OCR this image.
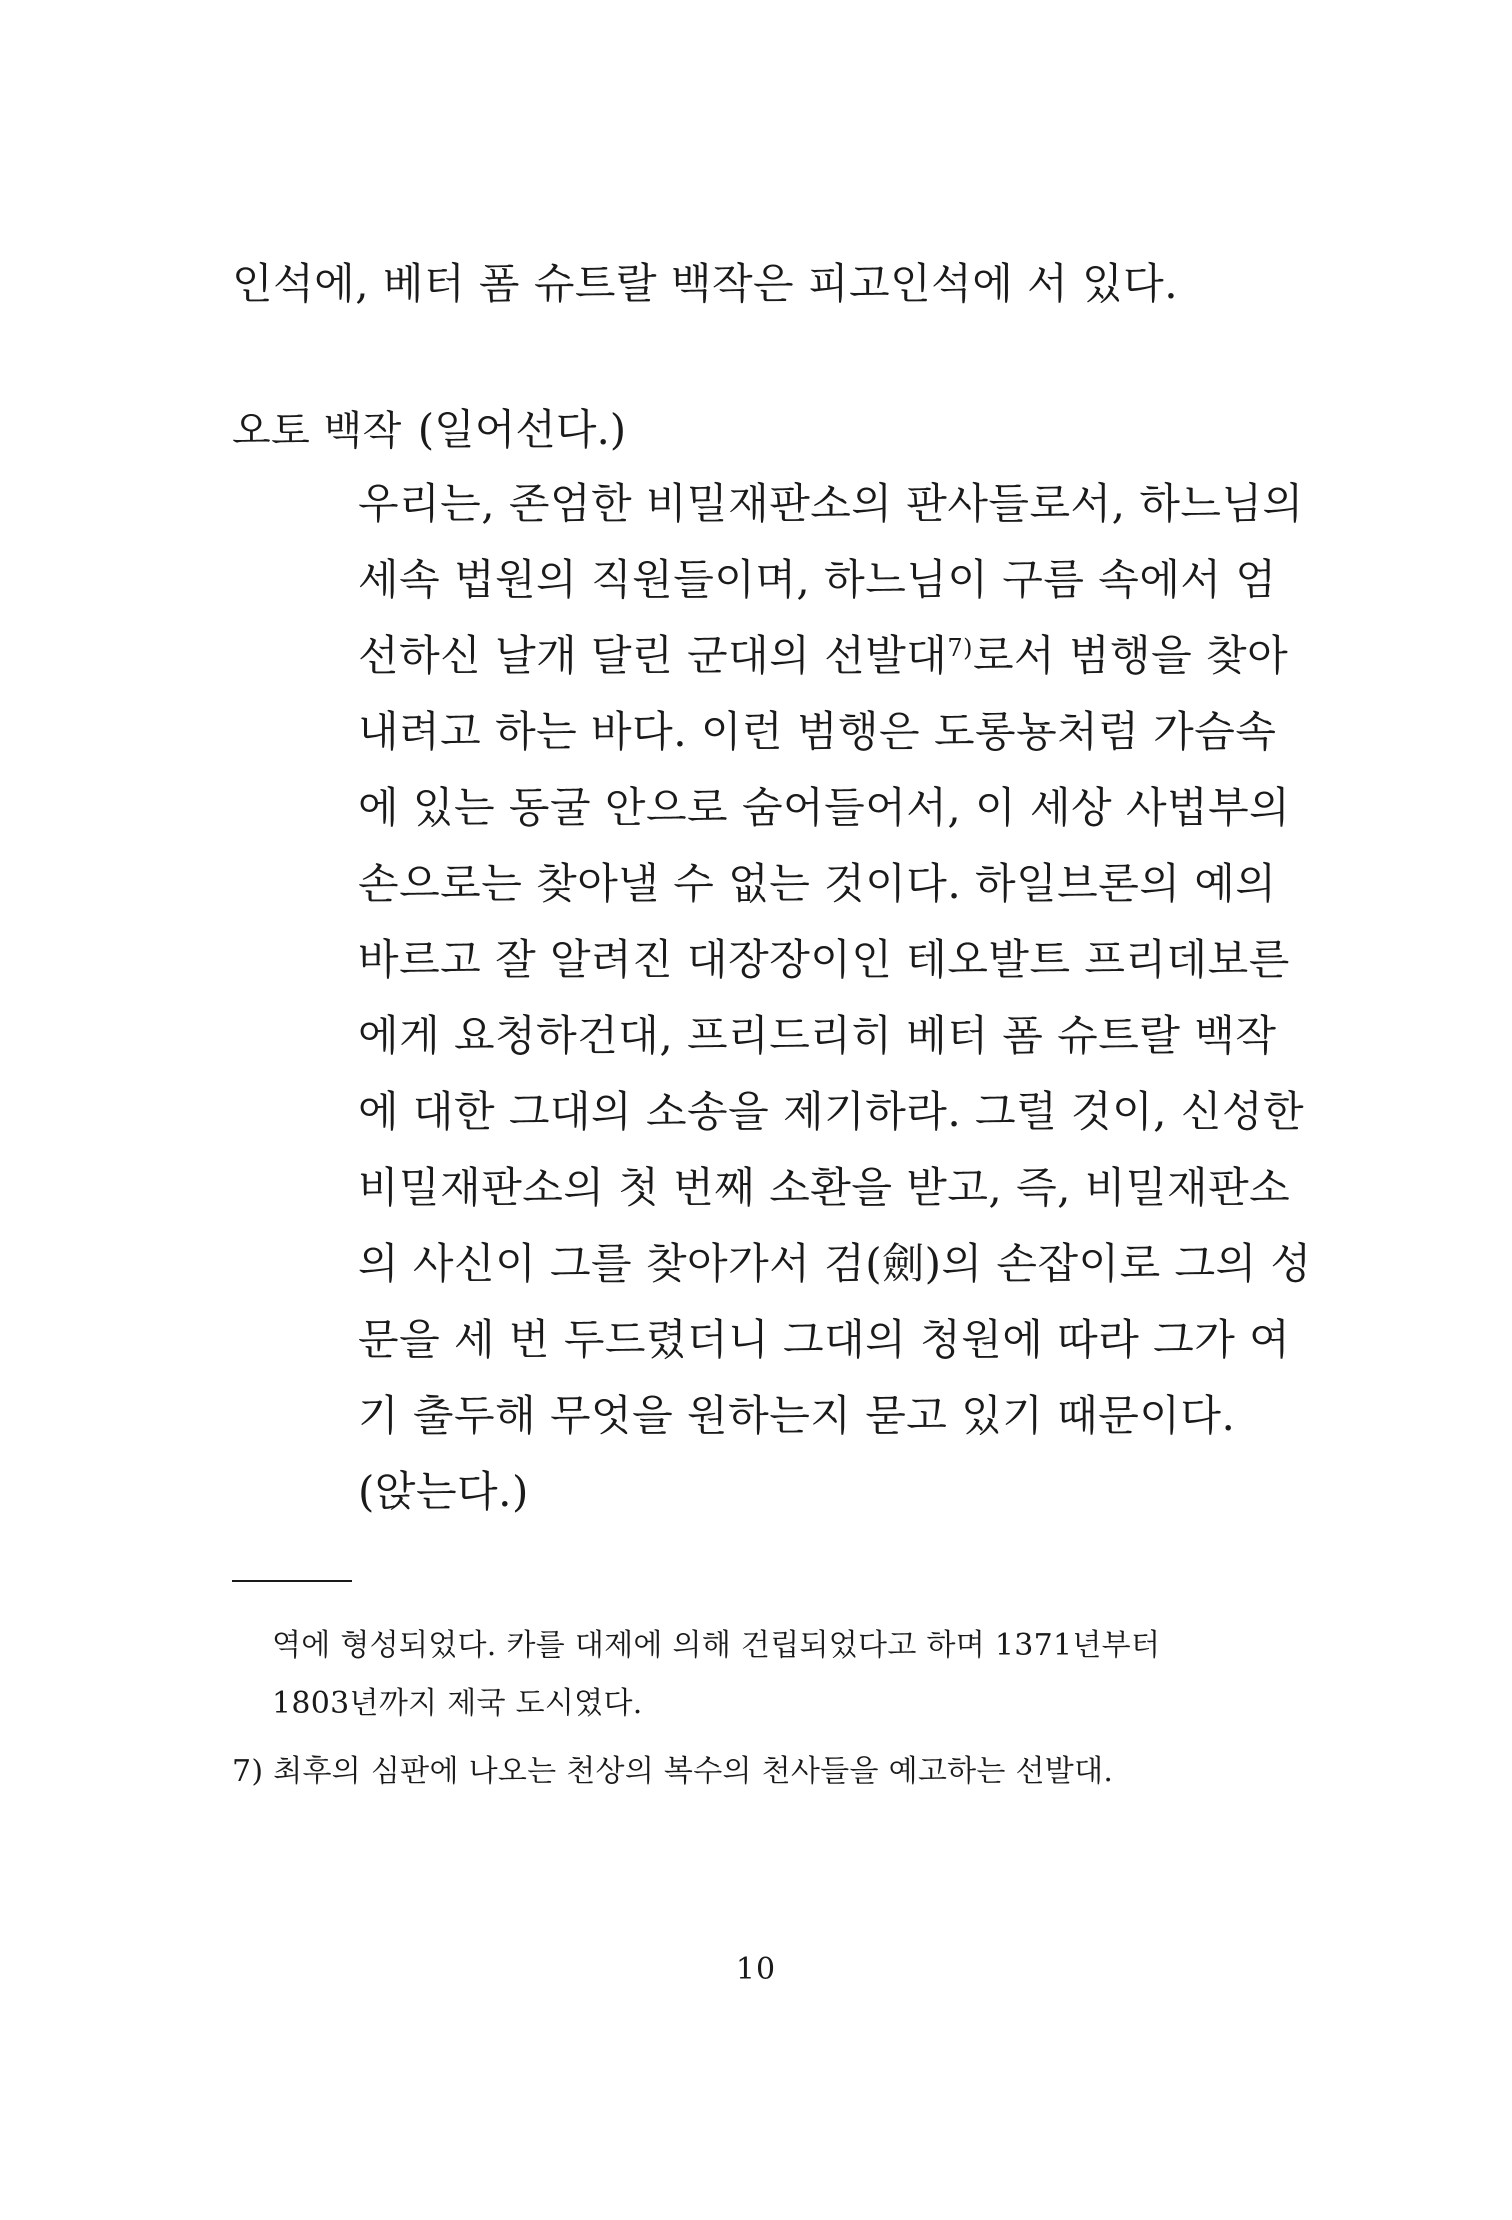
인석에, 베터 폼 슈트랄 백작은 피고인석에 서 있다.
오토 백작 (일어선다.)
우리는, 존엄한 비밀재판소의 판사들로서, 하느님의
세속 법원의 직원들이며, 하느님이 구름 속에서 엄
선하신 날개 달린 군대의 선발대$^{7)}$로서 범행을 찾아
내려고 하는 바다. 이런 범행은 도롱뇽처럼 가슴속
에 있는 동굴 안으로 숨어들어서, 이 세상 사법부의
손으로는 찾아낼 수 없는 것이다. 하일브론의 예의
바르고 잘 알려진 대장장이인 테오발트 프리데보른
에게 요청하건대, 프리드리히 베터 폼 슈트랄 백작
에 대한 그대의 소송을 제기하라. 그럴 것이, 신성한
비밀재판소의 첫 번째 소환을 받고, 즉, 비밀재판소
의 사신이 그를 찾아가서 검(劍)의 손잡이로 그의 성
문을 세 번 두드렸더니 그대의 청원에 따라 그가 여
기 출두해 무엇을 원하는지 묻고 있기 때문이다.
(앉는다.)
역에 형성되었다. 카를 대제에 의해 건립되었다고 하며 1371년부터
1803년까지 제국 도시였다.
7) 최후의 심판에 나오는 천상의 복수의 천사들을 예고하는 선발대.
10
